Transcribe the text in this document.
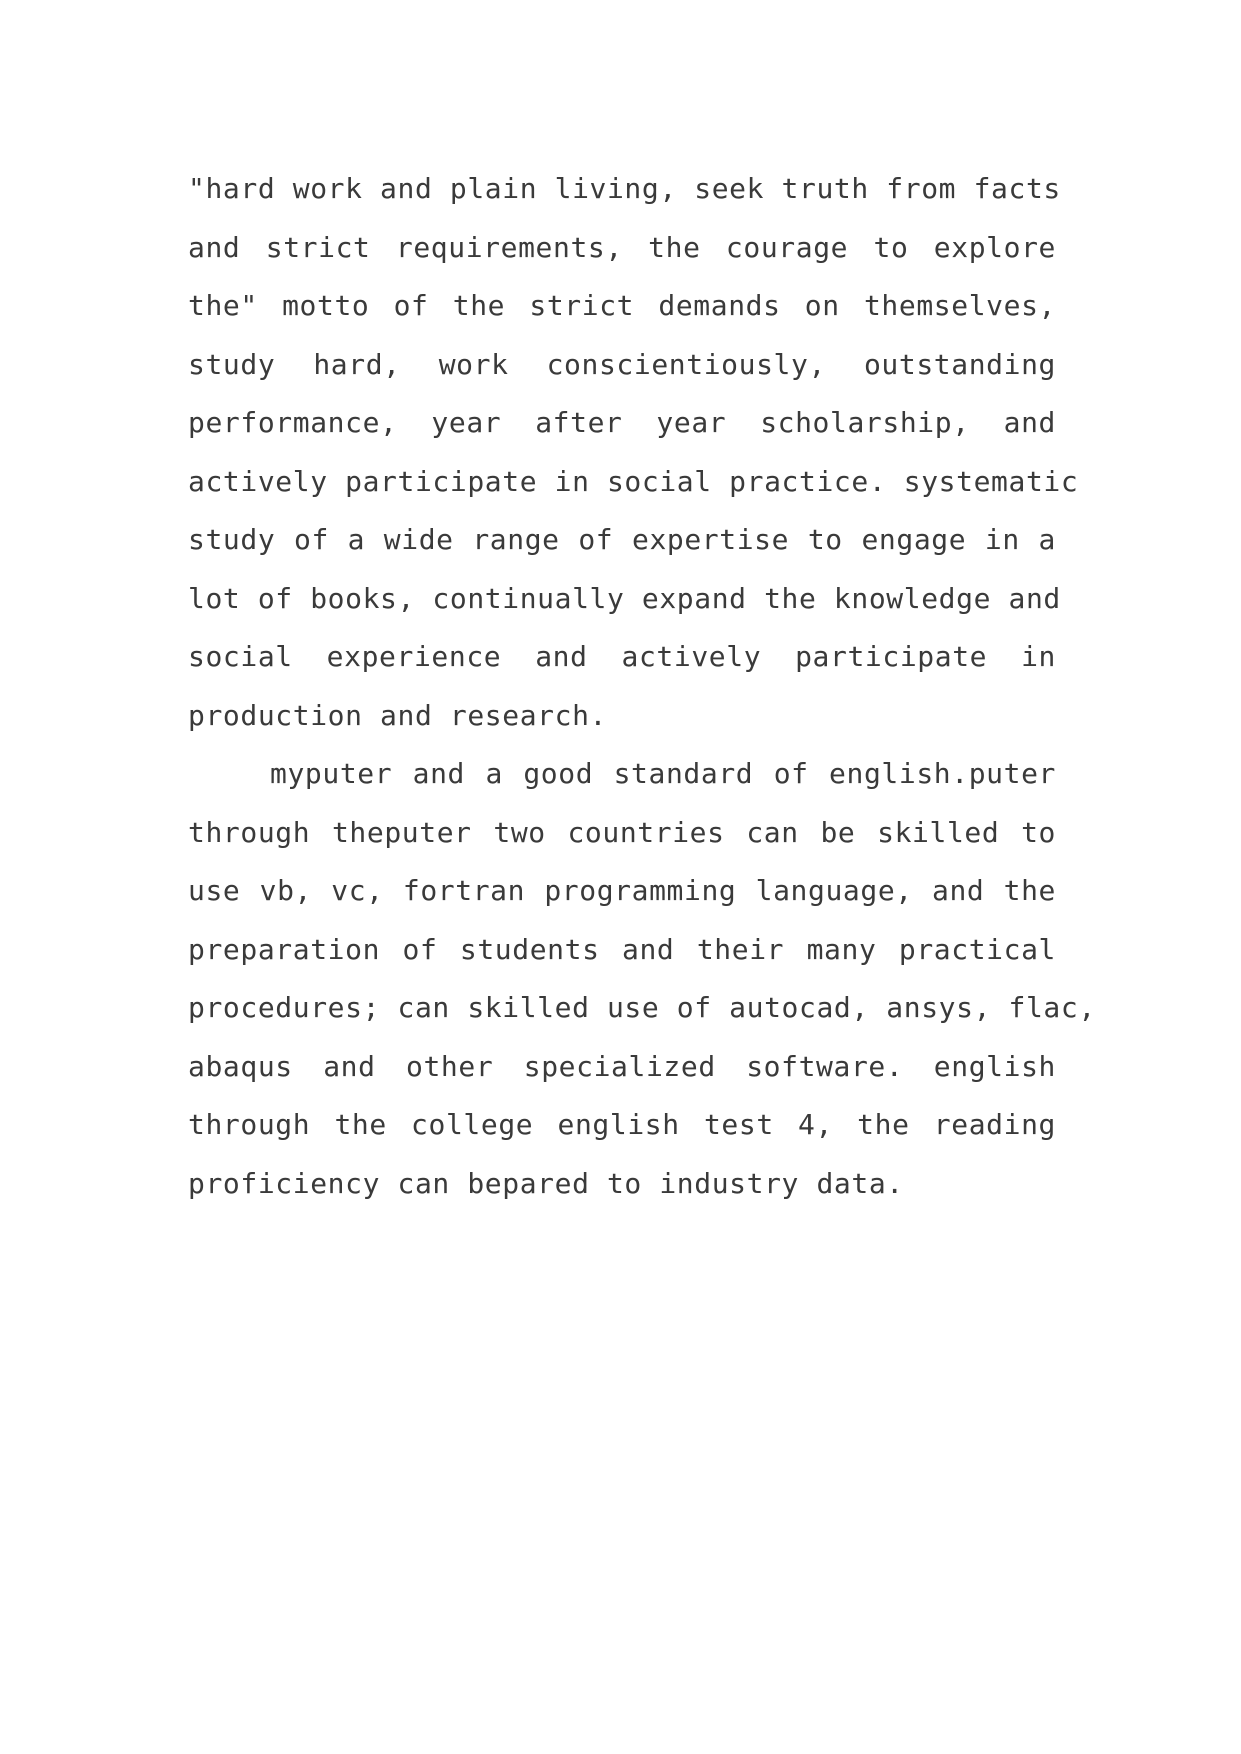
"hard work and plain living, seek truth from facts
and strict requirements, the courage to explore
the" motto of the strict demands on themselves,
study hard, work conscientiously, outstanding
performance, year after year scholarship, and
actively participate in social practice. systematic
study of a wide range of expertise to engage in a
lot of books, continually expand the knowledge and
social experience and actively participate in
production and research.
myputer and a good standard of english.puter
through theputer two countries can be skilled to
use vb, vc, fortran programming language, and the
preparation of students and their many practical
procedures; can skilled use of autocad, ansys, flac,
abaqus and other specialized software. english
through the college english test 4, the reading
proficiency can bepared to industry data.
